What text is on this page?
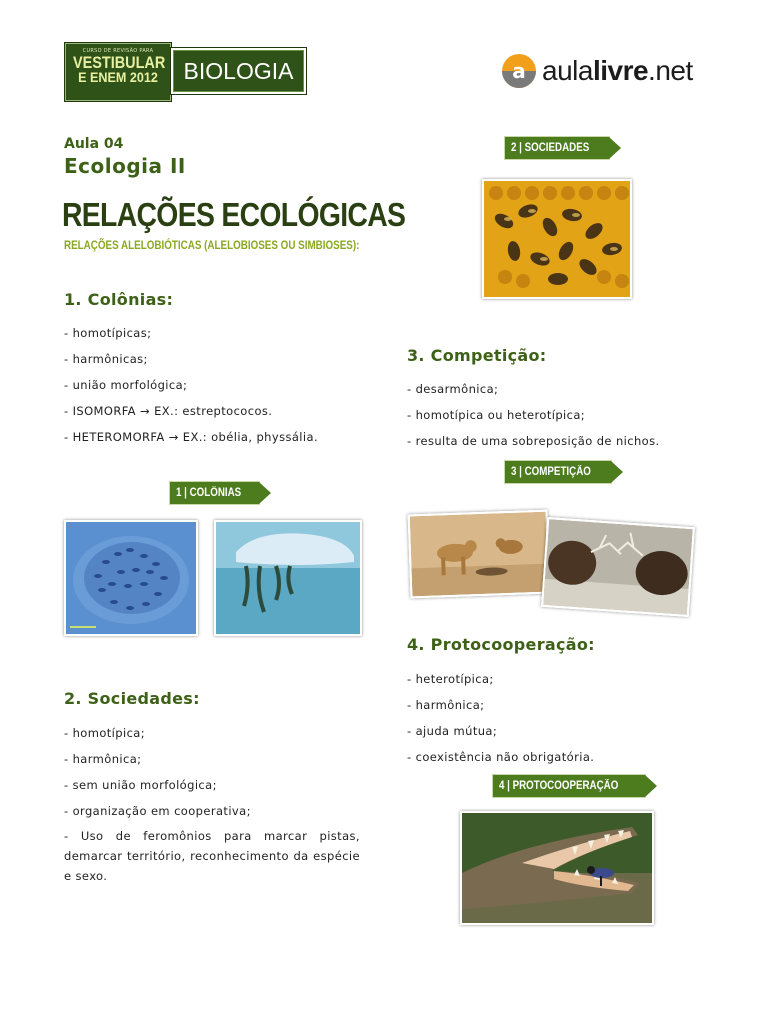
CURSO DE REVISÃO PARA
VESTIBULAR
E ENEM 2012	BIOLOGIA	a aulalivre.net
Aula 04
Ecologia II
RELAÇÕES ECOLÓGICAS
RELAÇÕES ALELOBIÓTICAS (ALELOBIOSES OU SIMBIOSES):
1. Colônias:
- homotípicas;
- harmônicas;
- união morfológica;
- ISOMORFA → EX.: estreptococos.
- HETEROMORFA → EX.: obélia, physsália.
1 | COLÔNIAS
2. Sociedades:
- homotípica;
- harmônica;
- sem união morfológica;
- organização em cooperativa;
- Uso de feromônios para marcar pistas, demarcar território, reconhecimento da espécie e sexo.
2 | SOCIEDADES
3. Competição:
- desarmônica;
- homotípica ou heterotípica;
- resulta de uma sobreposição de nichos.
3 | COMPETIÇÃO
4. Protocooperação:
- heterotípica;
- harmônica;
- ajuda mútua;
- coexistência não obrigatória.
4 | PROTOCOOPERAÇÃO
